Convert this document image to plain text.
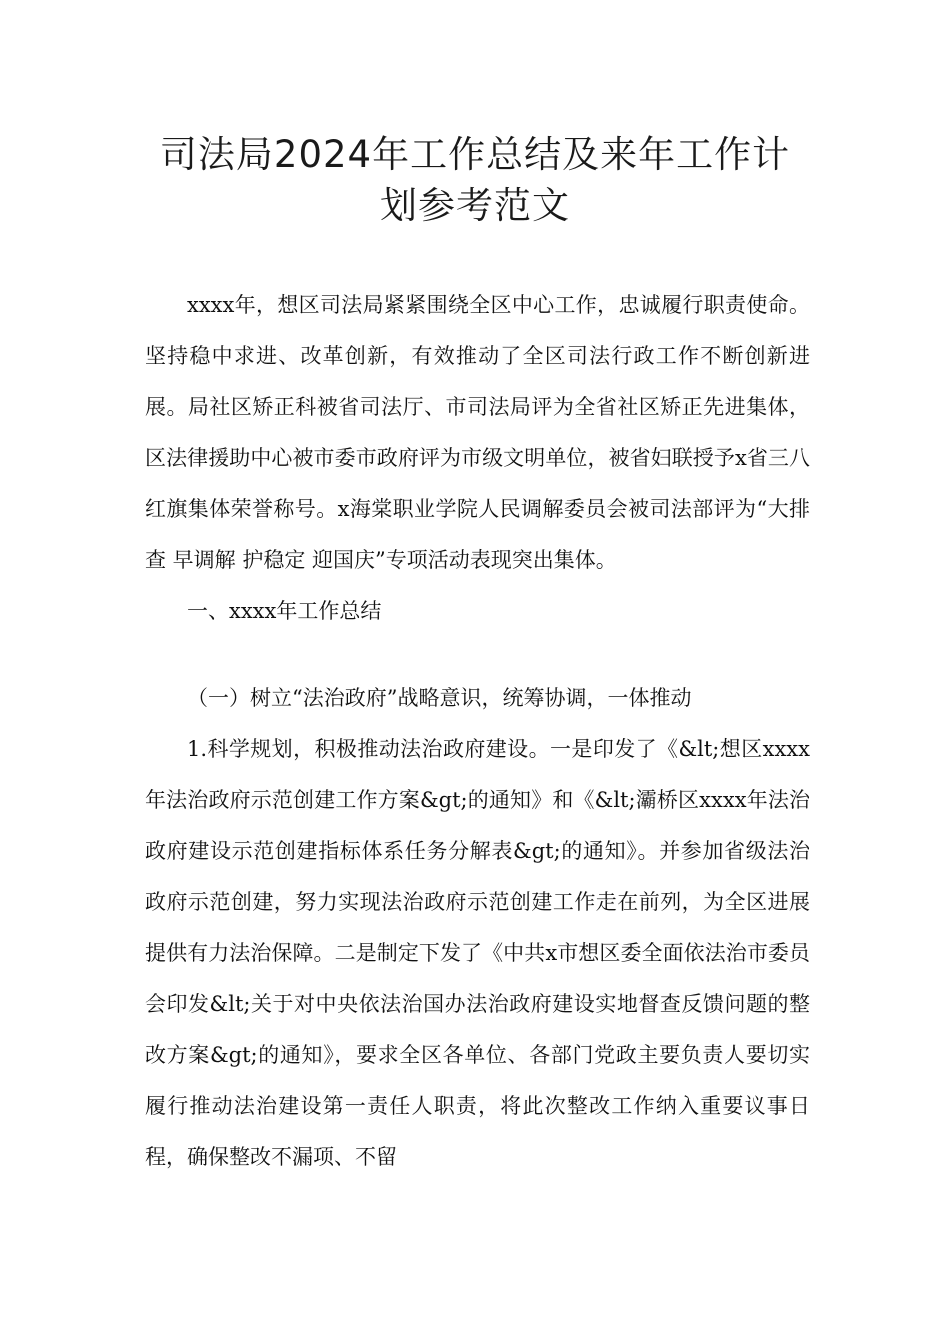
司法局2024年工作总结及来年工作计
划参考范文

xxxx年，想区司法局紧紧围绕全区中心工作，忠诚履行职责使命。坚持稳中求进、改革创新，有效推动了全区司法行政工作不断创新进展。局社区矫正科被省司法厅、市司法局评为全省社区矫正先进集体，区法律援助中心被市委市政府评为市级文明单位，被省妇联授予x省三八红旗集体荣誉称号。x海棠职业学院人民调解委员会被司法部评为“大排查 早调解 护稳定 迎国庆”专项活动表现突出集体。

一、xxxx年工作总结

（一）树立“法治政府”战略意识，统筹协调，一体推动

1.科学规划，积极推动法治政府建设。一是印发了《&lt;想区xxxx年法治政府示范创建工作方案&gt;的通知》和《&lt;灞桥区xxxx年法治政府建设示范创建指标体系任务分解表&gt;的通知》。并参加省级法治政府示范创建，努力实现法治政府示范创建工作走在前列，为全区进展提供有力法治保障。二是制定下发了《中共x市想区委全面依法治市委员会印发&lt;关于对中央依法治国办法治政府建设实地督查反馈问题的整改方案&gt;的通知》，要求全区各单位、各部门党政主要负责人要切实履行推动法治建设第一责任人职责，将此次整改工作纳入重要议事日程，确保整改不漏项、不留
